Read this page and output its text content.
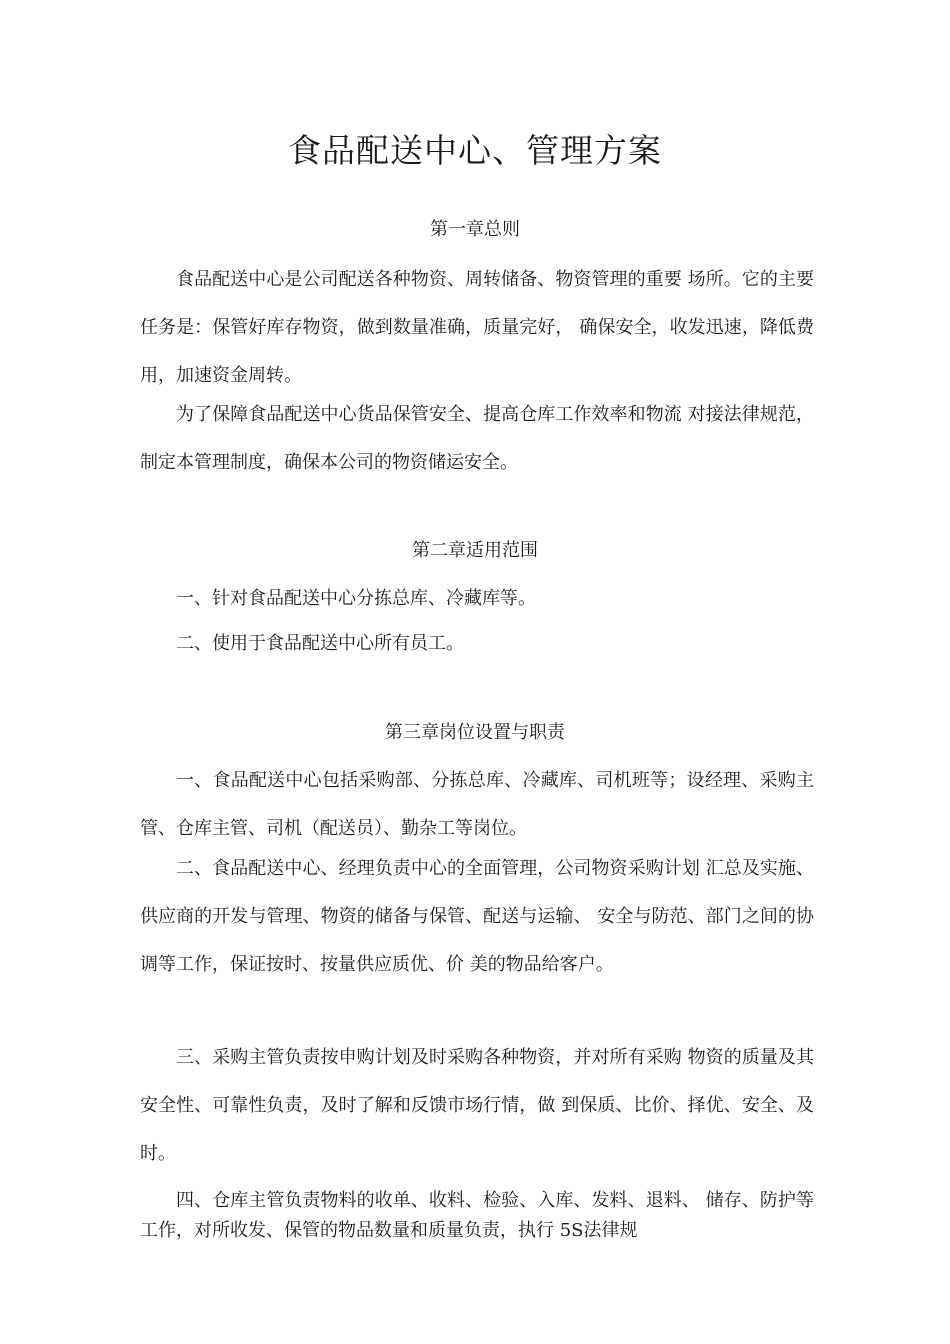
食品配送中心、管理方案
第一章总则

食品配送中心是公司配送各种物资、周转储备、物资管理的重要 场所。它的主要任务是：保管好库存物资，做到数量准确，质量完好， 确保安全，收发迅速，降低费用，加速资金周转。

为了保障食品配送中心货品保管安全、提高仓库工作效率和物流 对接法律规范，制定本管理制度，确保本公司的物资储运安全。

第二章适用范围

一、针对食品配送中心分拣总库、冷藏库等。

二、使用于食品配送中心所有员工。

第三章岗位设置与职责

一、食品配送中心包括采购部、分拣总库、冷藏库、司机班等；设经理、采购主管、仓库主管、司机（配送员）、勤杂工等岗位。

二、食品配送中心、经理负责中心的全面管理，公司物资采购计划 汇总及实施、供应商的开发与管理、物资的储备与保管、配送与运输、 安全与防范、部门之间的协调等工作，保证按时、按量供应质优、价 美的物品给客户。

三、采购主管负责按申购计划及时采购各种物资，并对所有采购 物资的质量及其安全性、可靠性负责，及时了解和反馈市场行情，做 到保质、比价、择优、安全、及时。

四、仓库主管负责物料的收单、收料、检验、入库、发料、退料、 储存、防护等工作，对所收发、保管的物品数量和质量负责，执行 5S法律规
